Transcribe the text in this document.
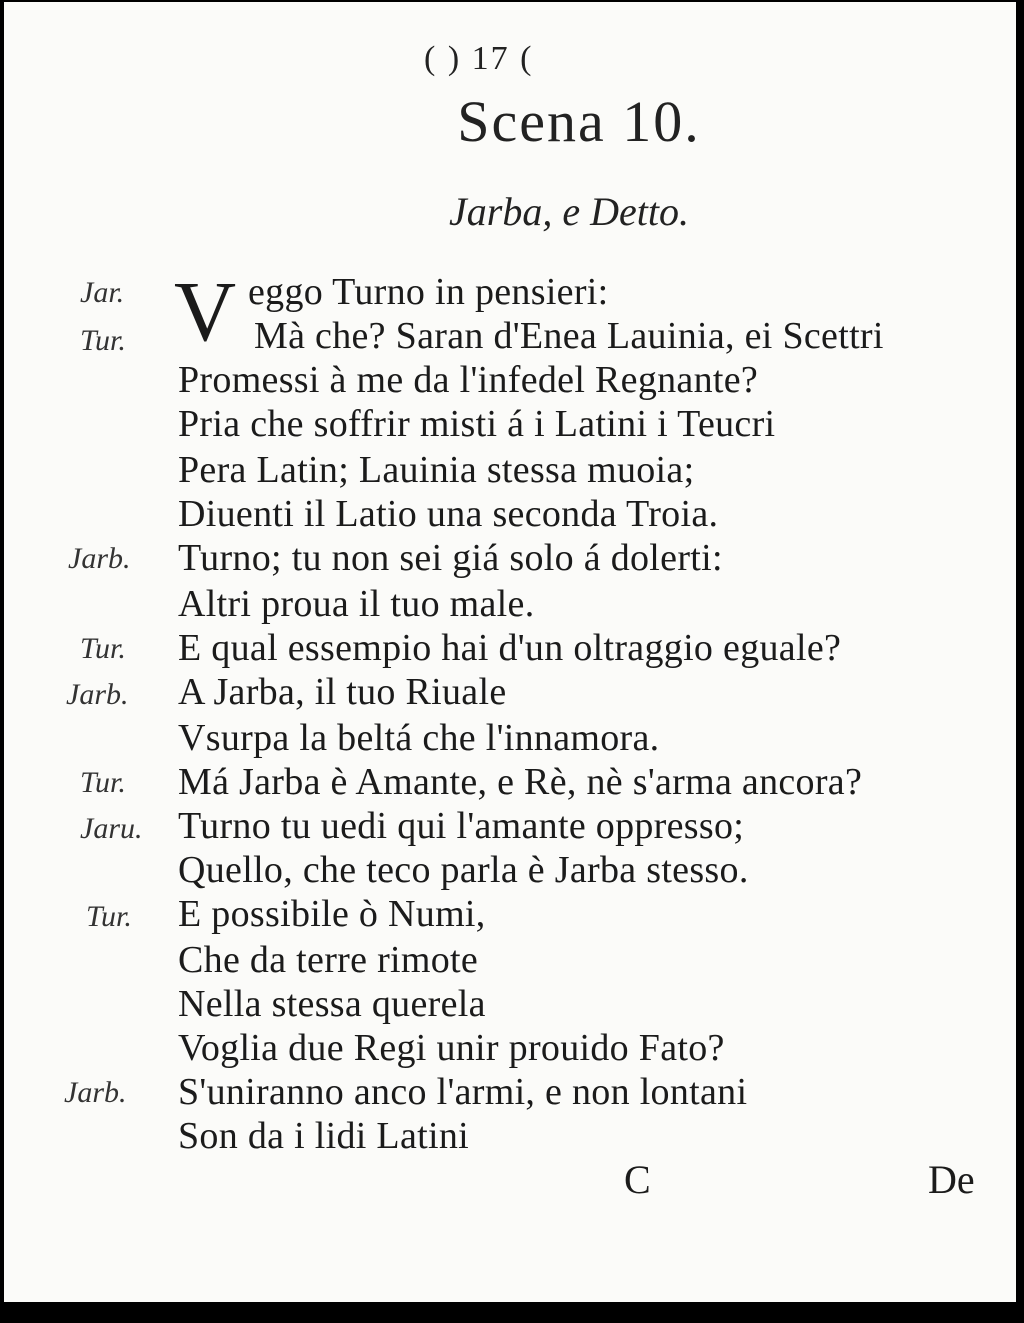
( ) 17 (
Scena 10.
Jarba, e Detto.
V
Jar.	eggo Turno in pensieri:
Tur.	Mà che? Saran d'Enea Lauinia, ei Scettri
Promessi à me da l'infedel Regnante?
Pria che soffrir misti á i Latini i Teucri
Pera Latin; Lauinia stessa muoia;
Diuenti il Latio una seconda Troia.
Jarb. Turno; tu non sei giá solo á dolerti:
Altri proua il tuo male.
Tur. E qual essempio hai d'un oltraggio eguale?
Jarb. A Jarba, il tuo Riuale
Vsurpa la beltá che l'innamora.
Tur. Má Jarba è Amante, e Rè, nè s'arma ancora?
Jaru. Turno tu uedi qui l'amante oppresso;
Quello, che teco parla è Jarba stesso.
Tur. E possibile ò Numi,
Che da terre rimote
Nella stessa querela
Voglia due Regi unir prouido Fato?
Jarb. S'uniranno anco l'armi, e non lontani
Son da i lidi Latini
C	De
